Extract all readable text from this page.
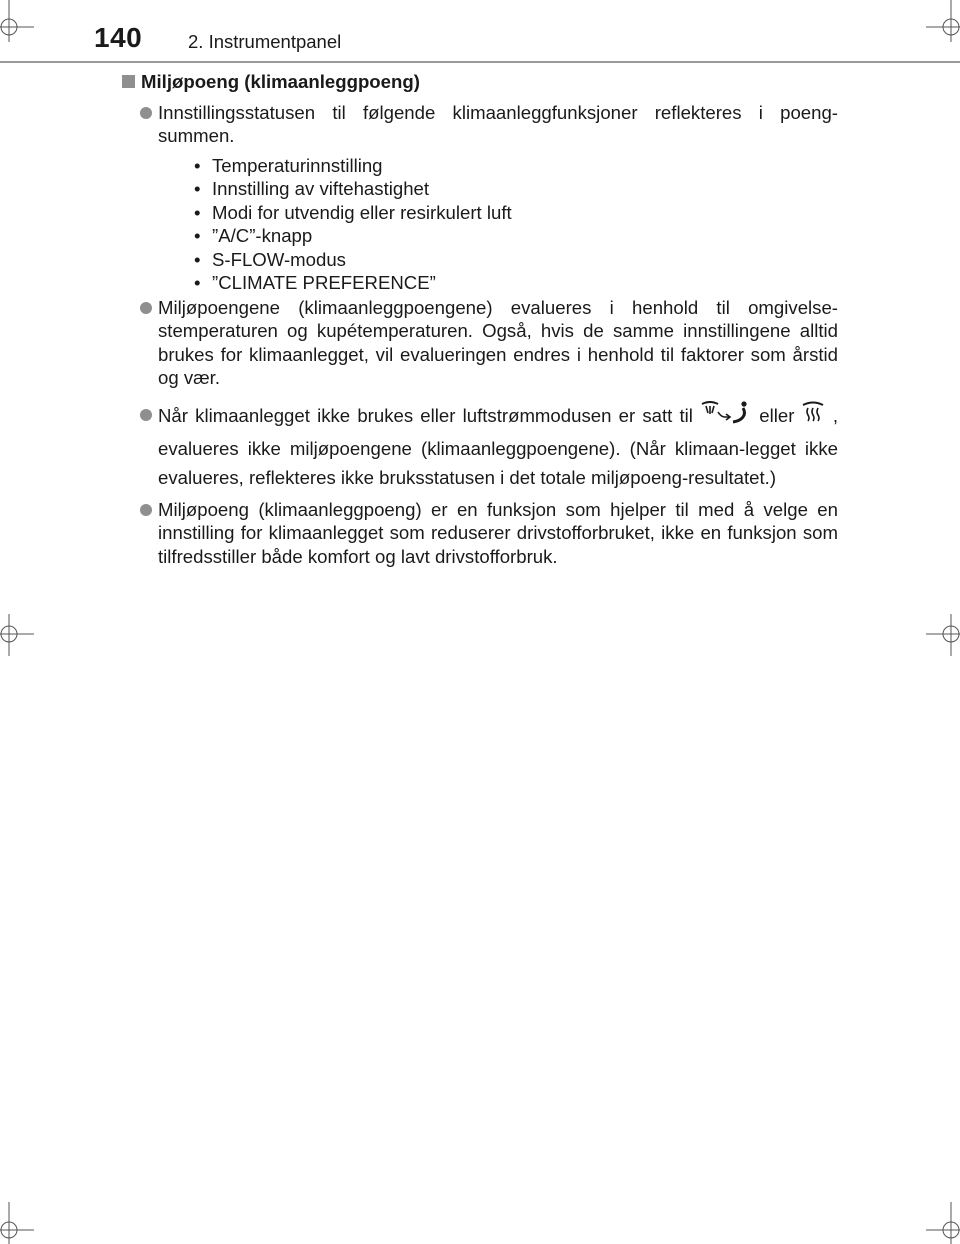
140 2. Instrumentpanel
Miljøpoeng (klimaanleggpoeng)
Innstillingsstatusen til følgende klimaanleggfunksjoner reflekteres i poeng-summen.
• Temperaturinnstilling
• Innstilling av viftehastighet
• Modi for utvendig eller resirkulert luft
• ”A/C”-knapp
• S-FLOW-modus
• ”CLIMATE PREFERENCE”
Miljøpoengene (klimaanleggpoengene) evalueres i henhold til omgivelse-stemperaturen og kupétemperaturen. Også, hvis de samme innstillingene alltid brukes for klimaanlegget, vil evalueringen endres i henhold til faktorer som årstid og vær.
Når klimaanlegget ikke brukes eller luftstrømmodusen er satt til	eller , evalueres ikke miljøpoengene (klimaanleggpoengene). (Når klimaan-legget ikke evalueres, reflekteres ikke bruksstatusen i det totale miljøpoeng-resultatet.)
Miljøpoeng (klimaanleggpoeng) er en funksjon som hjelper til med å velge en innstilling for klimaanlegget som reduserer drivstofforbruket, ikke en funksjon som tilfredsstiller både komfort og lavt drivstofforbruk.
